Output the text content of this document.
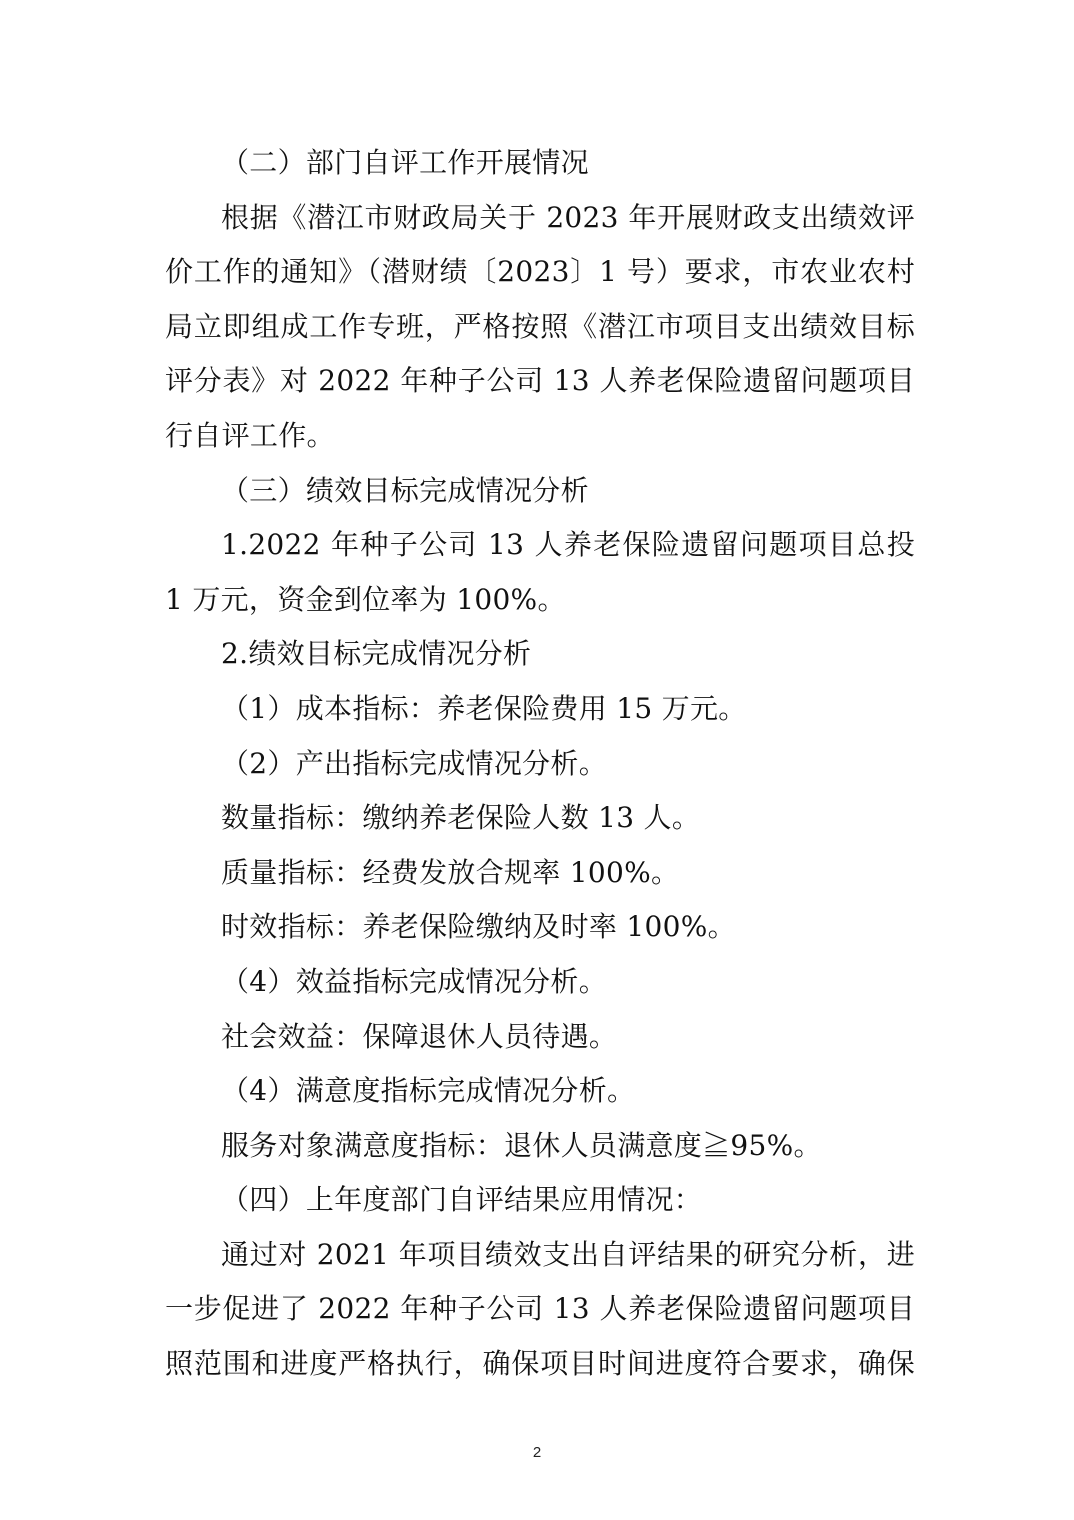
（二）部门自评工作开展情况
根据《潜江市财政局关于 2023 年开展财政支出绩效评
价工作的通知》（潜财绩〔2023〕1 号）要求，市农业农村
局立即组成工作专班，严格按照《潜江市项目支出绩效目标
评分表》对 2022 年种子公司 13 人养老保险遗留问题项目
行自评工作。
（三）绩效目标完成情况分析
1.2022 年种子公司 13 人养老保险遗留问题项目总投
1 万元，资金到位率为 100%。
2.绩效目标完成情况分析
（1）成本指标：养老保险费用 15 万元。
（2）产出指标完成情况分析。
数量指标：缴纳养老保险人数 13 人。
质量指标：经费发放合规率 100%。
时效指标：养老保险缴纳及时率 100%。
（4）效益指标完成情况分析。
社会效益：保障退休人员待遇。
（4）满意度指标完成情况分析。
服务对象满意度指标：退休人员满意度≧95%。
（四）上年度部门自评结果应用情况：
通过对 2021 年项目绩效支出自评结果的研究分析，进
一步促进了 2022 年种子公司 13 人养老保险遗留问题项目
照范围和进度严格执行，确保项目时间进度符合要求，确保
2
